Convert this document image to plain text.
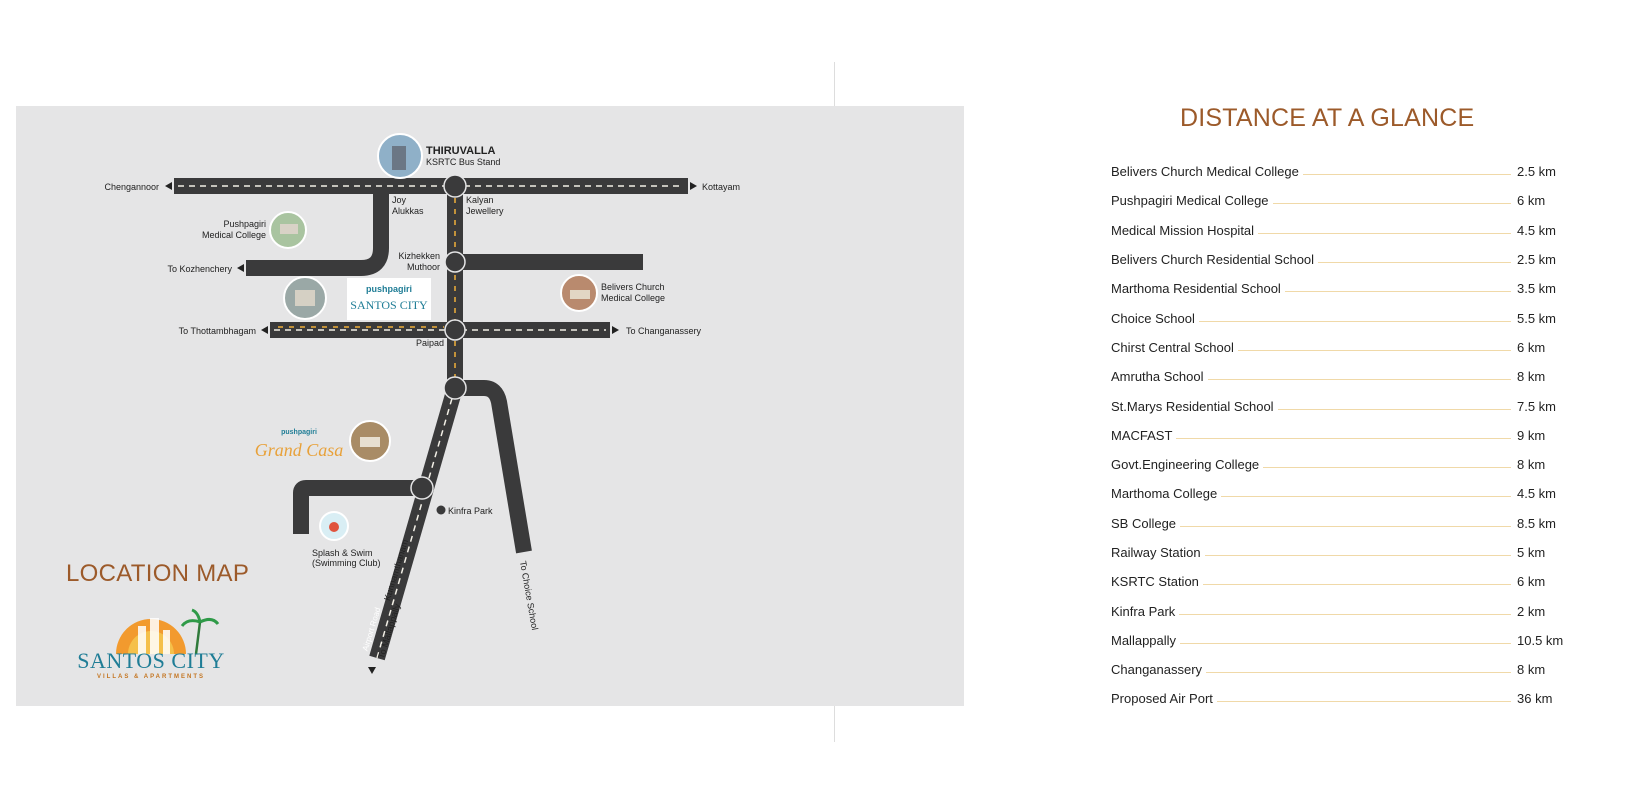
THIRUVALLA
KSRTC Bus Stand
Chengannoor	Kottayam
Joy
Alukkas
Kalyan
Jewellery
Pushpagiri
Medical College
To Kozhenchery
Kizhekken
Muthoor
Belivers Church
Medical College
To Thottambhagam	To Changanassery
Paipad
pushpagiri
SANTOS CITY
pushpagiri
Grand Casa
Kinfra Park
Splash & Swim
(Swimming Club) Kunnamthanam
Airport Road
To Mallappally
To Choice School
LOCATION MAP
SANTOS CITY
VILLAS & APARTMENTS
DISTANCE AT A GLANCE
Belivers Church Medical College	2.5 km
Pushpagiri Medical College	6 km
Medical Mission Hospital	4.5 km
Belivers Church Residential School	2.5 km
Marthoma Residential School	3.5 km
Choice School	5.5 km
Chirst Central School	6 km
Amrutha School	8 km
St.Marys Residential School	7.5 km
MACFAST	9 km
Govt.Engineering College	8 km
Marthoma College	4.5 km
SB College	8.5 km
Railway Station	5 km
KSRTC Station	6 km
Kinfra Park	2 km
Mallappally	10.5 km
Changanassery	8 km
Proposed Air Port	36 km
